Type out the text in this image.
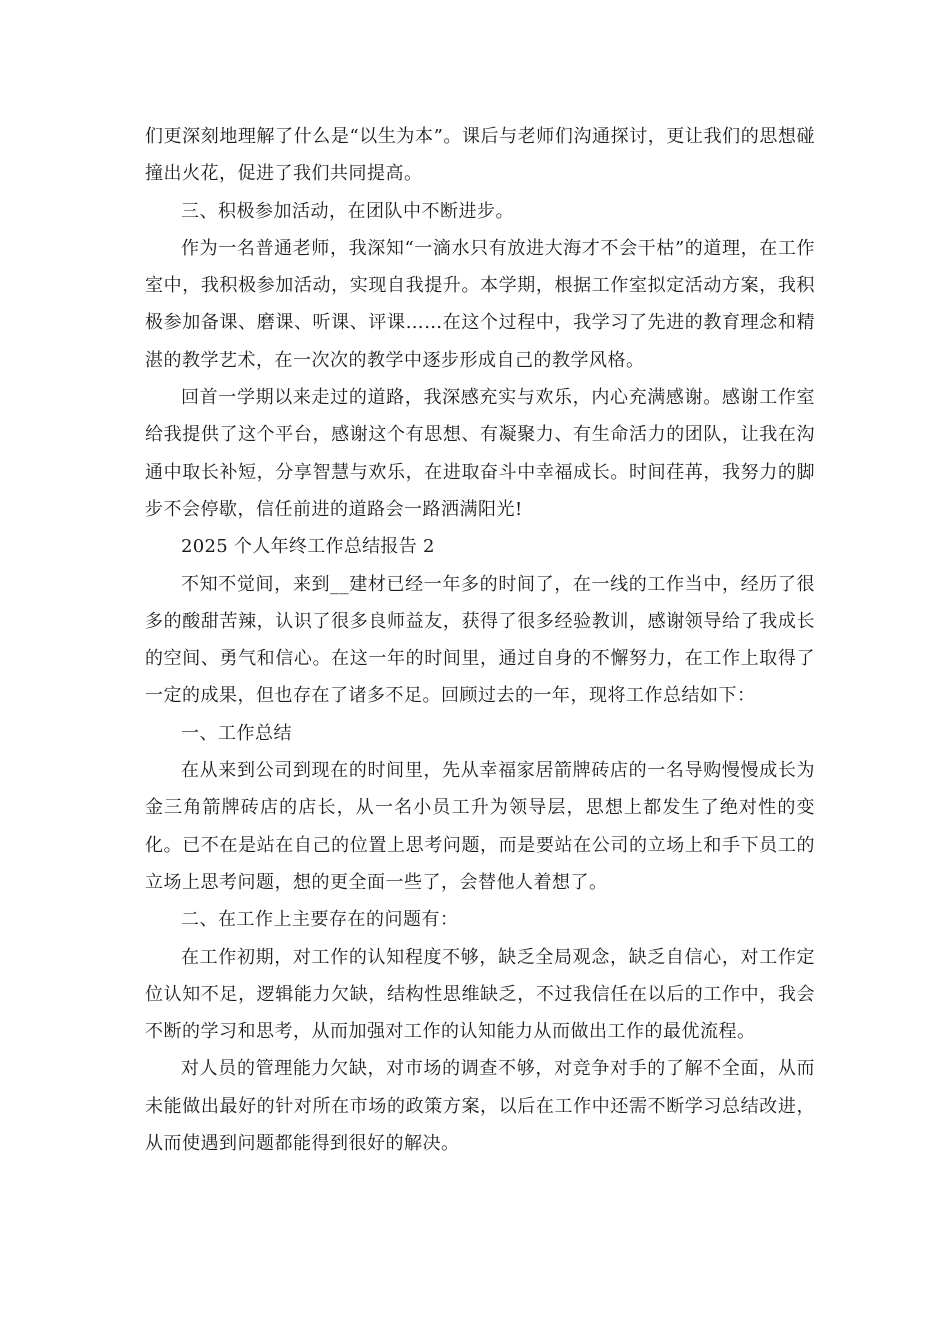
们更深刻地理解了什么是“以生为本”。课后与老师们沟通探讨，更让我们的思想碰撞出火花，促进了我们共同提高。

三、积极参加活动，在团队中不断进步。

作为一名普通老师，我深知“一滴水只有放进大海才不会干枯”的道理，在工作室中，我积极参加活动，实现自我提升。本学期，根据工作室拟定活动方案，我积极参加备课、磨课、听课、评课……在这个过程中，我学习了先进的教育理念和精湛的教学艺术，在一次次的教学中逐步形成自己的教学风格。

回首一学期以来走过的道路，我深感充实与欢乐，内心充满感谢。感谢工作室给我提供了这个平台，感谢这个有思想、有凝聚力、有生命活力的团队，让我在沟通中取长补短，分享智慧与欢乐，在进取奋斗中幸福成长。时间荏苒，我努力的脚步不会停歇，信任前进的道路会一路洒满阳光!

2025 个人年终工作总结报告 2

不知不觉间，来到__建材已经一年多的时间了，在一线的工作当中，经历了很多的酸甜苦辣，认识了很多良师益友，获得了很多经验教训，感谢领导给了我成长的空间、勇气和信心。在这一年的时间里，通过自身的不懈努力，在工作上取得了一定的成果，但也存在了诸多不足。回顾过去的一年，现将工作总结如下：

一、工作总结

在从来到公司到现在的时间里，先从幸福家居箭牌砖店的一名导购慢慢成长为金三角箭牌砖店的店长，从一名小员工升为领导层，思想上都发生了绝对性的变化。已不在是站在自己的位置上思考问题，而是要站在公司的立场上和手下员工的立场上思考问题，想的更全面一些了，会替他人着想了。

二、在工作上主要存在的问题有：

在工作初期，对工作的认知程度不够，缺乏全局观念，缺乏自信心，对工作定位认知不足，逻辑能力欠缺，结构性思维缺乏，不过我信任在以后的工作中，我会不断的学习和思考，从而加强对工作的认知能力从而做出工作的最优流程。

对人员的管理能力欠缺，对市场的调查不够，对竞争对手的了解不全面，从而未能做出最好的针对所在市场的政策方案，以后在工作中还需不断学习总结改进，从而使遇到问题都能得到很好的解决。
